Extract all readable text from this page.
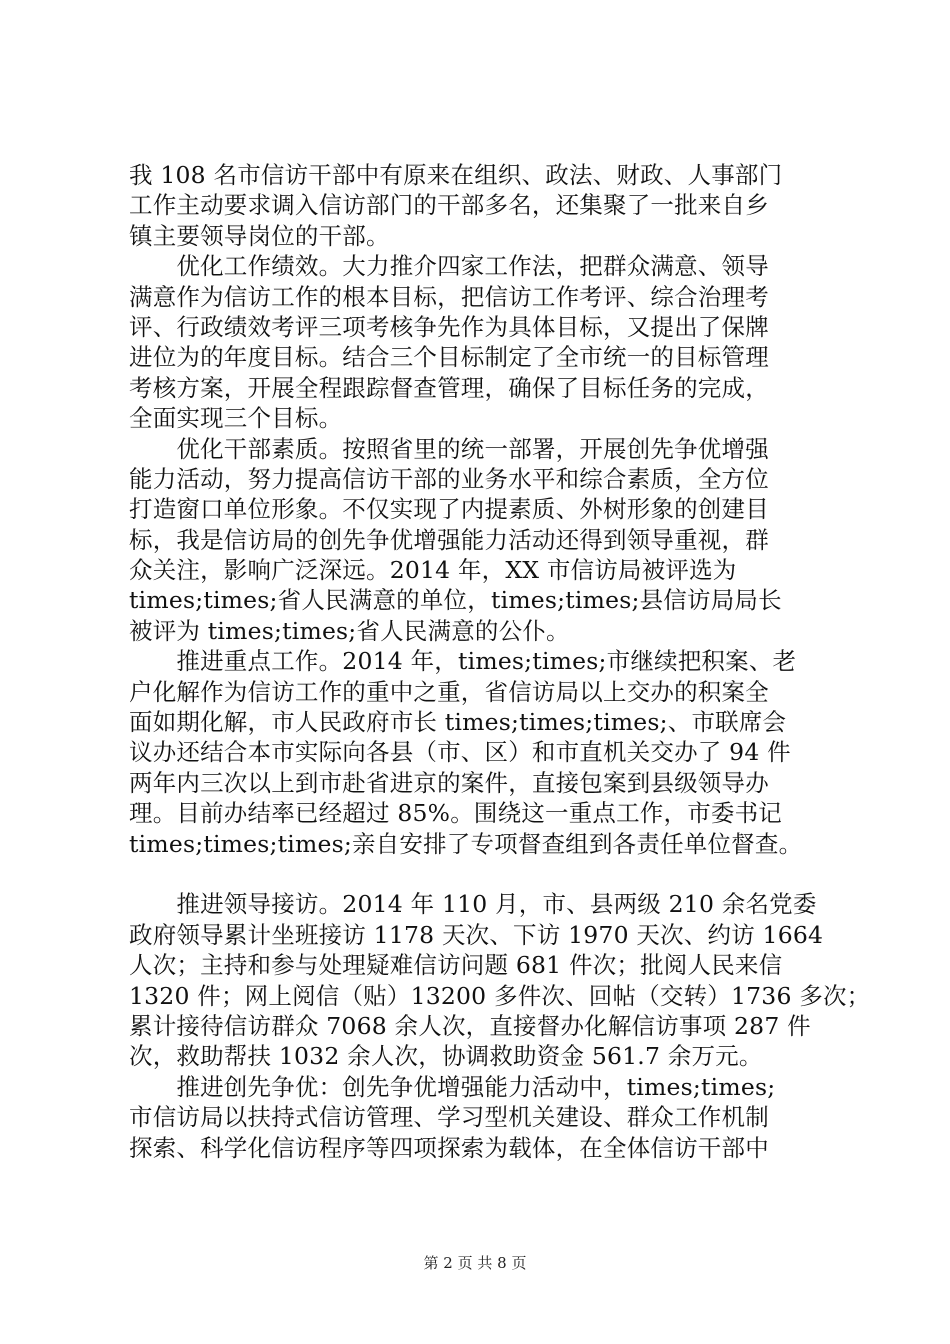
我 108 名市信访干部中有原来在组织、政法、财政、人事部门
工作主动要求调入信访部门的干部多名，还集聚了一批来自乡
镇主要领导岗位的干部。
　　优化工作绩效。大力推介四家工作法，把群众满意、领导
满意作为信访工作的根本目标，把信访工作考评、综合治理考
评、行政绩效考评三项考核争先作为具体目标，又提出了保牌
进位为的年度目标。结合三个目标制定了全市统一的目标管理
考核方案，开展全程跟踪督查管理，确保了目标任务的完成，
全面实现三个目标。
　　优化干部素质。按照省里的统一部署，开展创先争优增强
能力活动，努力提高信访干部的业务水平和综合素质，全方位
打造窗口单位形象。不仅实现了内提素质、外树形象的创建目
标，我是信访局的创先争优增强能力活动还得到领导重视，群
众关注，影响广泛深远。2014 年，XX 市信访局被评选为
times;times;省人民满意的单位，times;times;县信访局局长
被评为 times;times;省人民满意的公仆。
　　推进重点工作。2014 年，times;times;市继续把积案、老
户化解作为信访工作的重中之重，省信访局以上交办的积案全
面如期化解，市人民政府市长 times;times;times;、市联席会
议办还结合本市实际向各县（市、区）和市直机关交办了 94 件
两年内三次以上到市赴省进京的案件，直接包案到县级领导办
理。目前办结率已经超过 85%。围绕这一重点工作，市委书记
times;times;times;亲自安排了专项督查组到各责任单位督查。
　　推进领导接访。2014 年 110 月，市、县两级 210 余名党委
政府领导累计坐班接访 1178 天次、下访 1970 天次、约访 1664
人次；主持和参与处理疑难信访问题 681 件次；批阅人民来信
1320 件；网上阅信（贴）13200 多件次、回帖（交转）1736 多次；
累计接待信访群众 7068 余人次，直接督办化解信访事项 287 件
次，救助帮扶 1032 余人次，协调救助资金 561.7 余万元。
　　推进创先争优：创先争优增强能力活动中，times;times;
市信访局以扶持式信访管理、学习型机关建设、群众工作机制
探索、科学化信访程序等四项探索为载体，在全体信访干部中
第 2 页 共 8 页
